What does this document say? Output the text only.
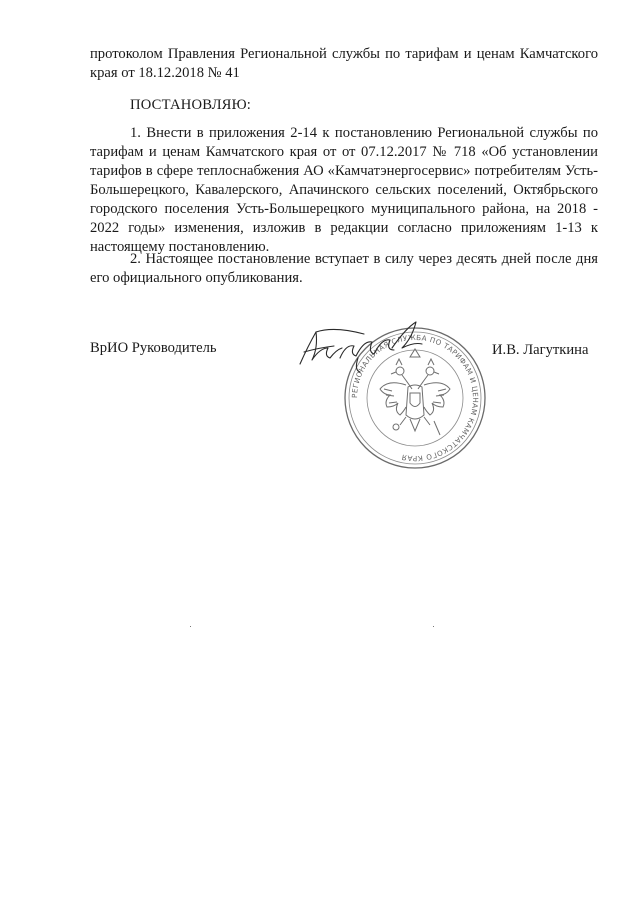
протоколом Правления Региональной службы по тарифам и ценам Камчатского края от 18.12.2018 № 41

ПОСТАНОВЛЯЮ:

1. Внести в приложения 2-14 к постановлению Региональной службы по тарифам и ценам Камчатского края от от 07.12.2017 № 718 «Об установлении тарифов в сфере теплоснабжения АО «Камчатэнергосервис» потребителям Усть-Большерецкого, Кавалерского, Апачинского сельских поселений, Октябрьского городского поселения Усть-Большерецкого муниципального района, на 2018 - 2022 годы» изменения, изложив в редакции согласно приложениям 1-13 к настоящему постановлению.

2. Настоящее постановление вступает в силу через десять дней после дня его официального опубликования.

ВрИО Руководитель
РЕГИОНАЛЬНАЯ СЛУЖБА ПО ТАРИФАМ И ЦЕНАМ КАМЧАТСКОГО КРАЯ
И.В. Лагуткина
